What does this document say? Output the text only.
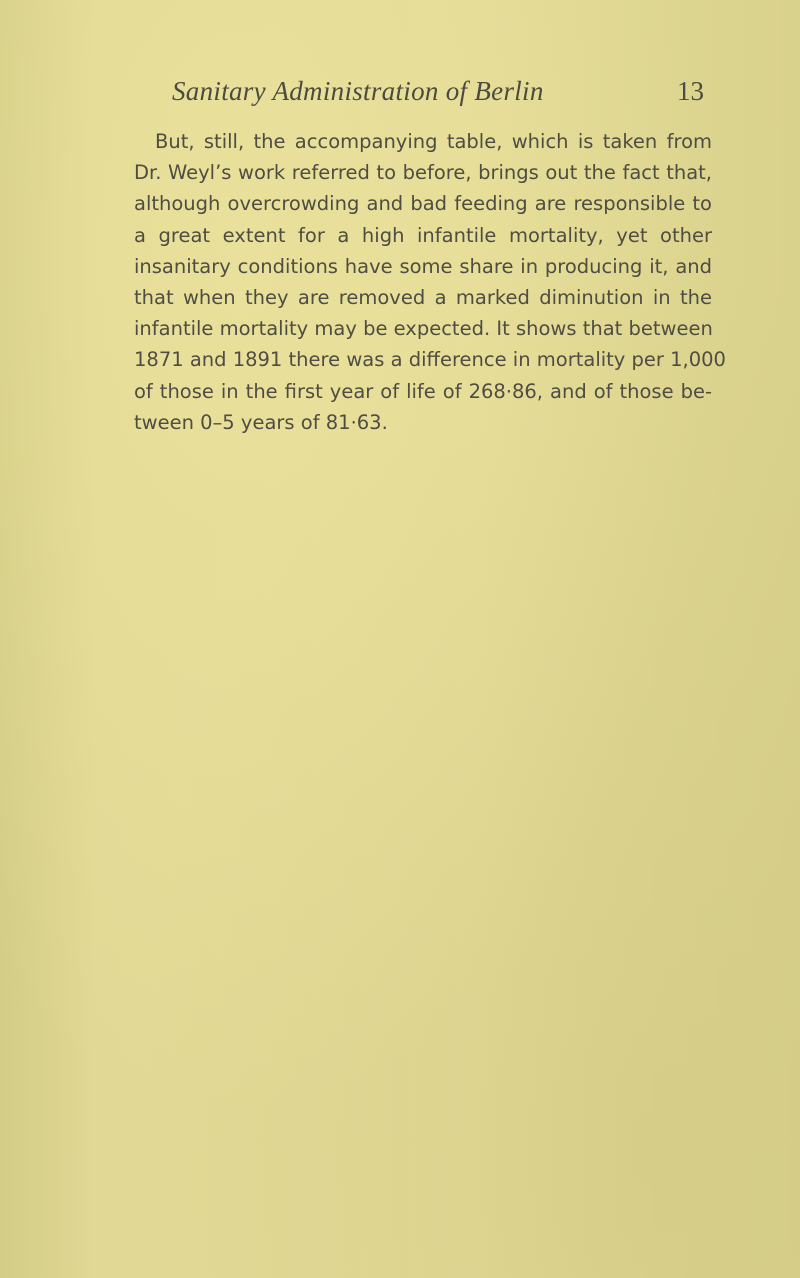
Sanitary Administration of Berlin	13
But, still, the accompanying table, which is taken from
Dr. Weyl’s work referred to before, brings out the fact that,
although overcrowding and bad feeding are responsible to
a great extent for a high infantile mortality, yet other
insanitary conditions have some share in producing it, and
that when they are removed a marked diminution in the
infantile mortality may be expected. It shows that between
1871 and 1891 there was a difference in mortality per 1,000
of those in the first year of life of 268·86, and of those be-
tween 0–5 years of 81·63.
